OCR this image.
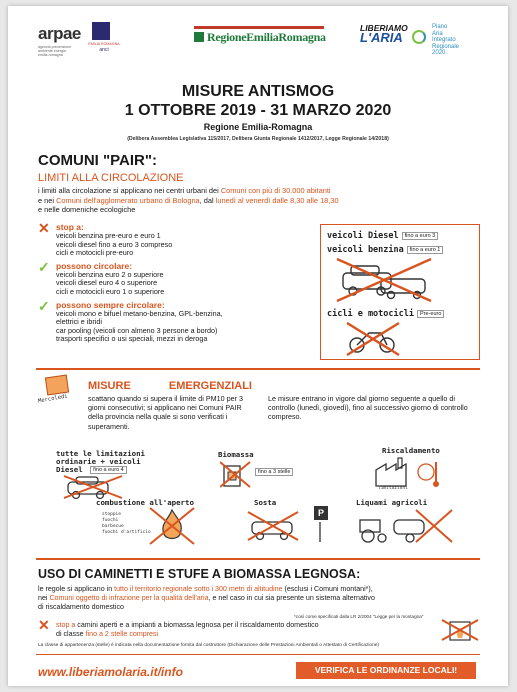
arpae
agenzia prevenzione ambiente energia emilia-romagna
EMILIA ROMAGNA
anci
RegioneEmiliaRomagna
LIBERIAMO
L'ARIA
Piano
Aria
Integrato
Regionale
2020
MISURE ANTISMOG
1 OTTOBRE 2019 - 31 MARZO 2020
Regione Emilia-Romagna
(Delibera Assemblea Legislativa 115/2017, Delibera Giunta Regionale 1412/2017, Legge Regionale 14/2018)
COMUNI "PAIR":
LIMITI ALLA CIRCOLAZIONE
i limiti alla circolazione si applicano nei centri urbani dei Comuni con più di 30.000 abitanti
e nei Comuni dell'agglomerato urbano di Bologna, dal lunedì al venerdì dalle 8,30 alle 18,30
e nelle domeniche ecologiche
✕ stop a:
veicoli benzina pre-euro e euro 1
veicoli diesel fino a euro 3 compreso
cicli e motocicli pre-euro
✓ possono circolare:
veicoli benzina euro 2 o superiore
veicoli diesel euro 4 o superiore
cicli e motocicli euro 1 o superiore
✓ possono sempre circolare:
veicoli mono e bifuel metano-benzina, GPL-benzina,
elettrici e ibridi
car pooling (veicoli con almeno 3 persone a bordo)
trasporti specifici o usi speciali, mezzi in deroga
veicoli Diesel fino a euro 3
veicoli benzina fino a euro 1
cicli e motocicli Pre-euro
Mercoledì
MISURE	EMERGENZIALI
scattano quando si supera il limite di PM10 per 3 giorni consecutivi; si applicano nei Comuni PAIR della provincia nella quale si sono verificati i superamenti.
Le misure entrano in vigore dal giorno seguente a quello di controllo (lunedì, giovedì), fino al successivo giorno di controllo compreso.
tutte le limitazioni ordinarie + veicoli Diesel fino a euro 4
Biomassa
fino a 3 stelle
Riscaldamento
limitazioni
combustione all'aperto
stoppie
fuochi
barbecue
fuochi d'artificio
Sosta
P
Liquami agricoli
USO DI CAMINETTI E STUFE A BIOMASSA LEGNOSA:
le regole si applicano in tutto il territorio regionale sotto i 300 metri di altitudine (esclusi i Comuni montani*),
nei Comuni oggetto di infrazione per la qualità dell'aria, e nel caso in cui sia presente un sistema alternativo
di riscaldamento domestico
*così come specificati dalla LR 2/2004 "Legge per la montagna"
✕ stop a camini aperti e a impianti a biomassa legnosa per il riscaldamento domestico
di classe fino a 2 stelle compresi
La classe di appartenenza (stelle) è indicata nella documentazione fornita dal costruttore (Dichiarazione delle Prestazioni Ambientali o Attestato di Certificazione)
www.liberiamolaria.it/info	VERIFICA LE ORDINANZE LOCALI!
